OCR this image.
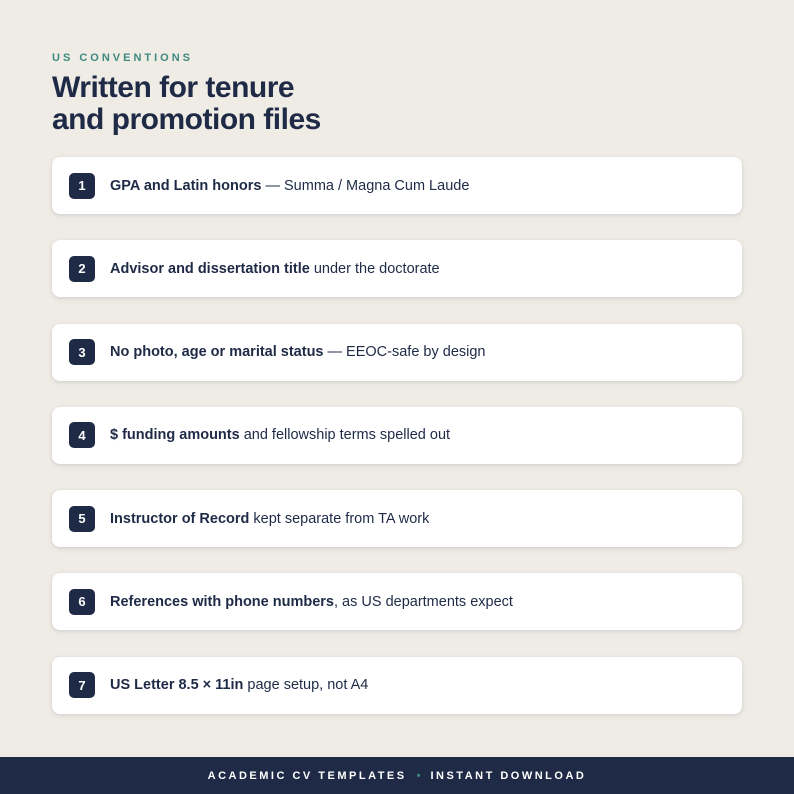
US CONVENTIONS
Written for tenure
and promotion files
1	GPA and Latin honors — Summa / Magna Cum Laude
2	Advisor and dissertation title under the doctorate
3	No photo, age or marital status — EEOC-safe by design
4	$ funding amounts and fellowship terms spelled out
5	Instructor of Record kept separate from TA work
6	References with phone numbers, as US departments expect
7	US Letter 8.5 × 11in page setup, not A4
ACADEMIC CV TEMPLATES • INSTANT DOWNLOAD
